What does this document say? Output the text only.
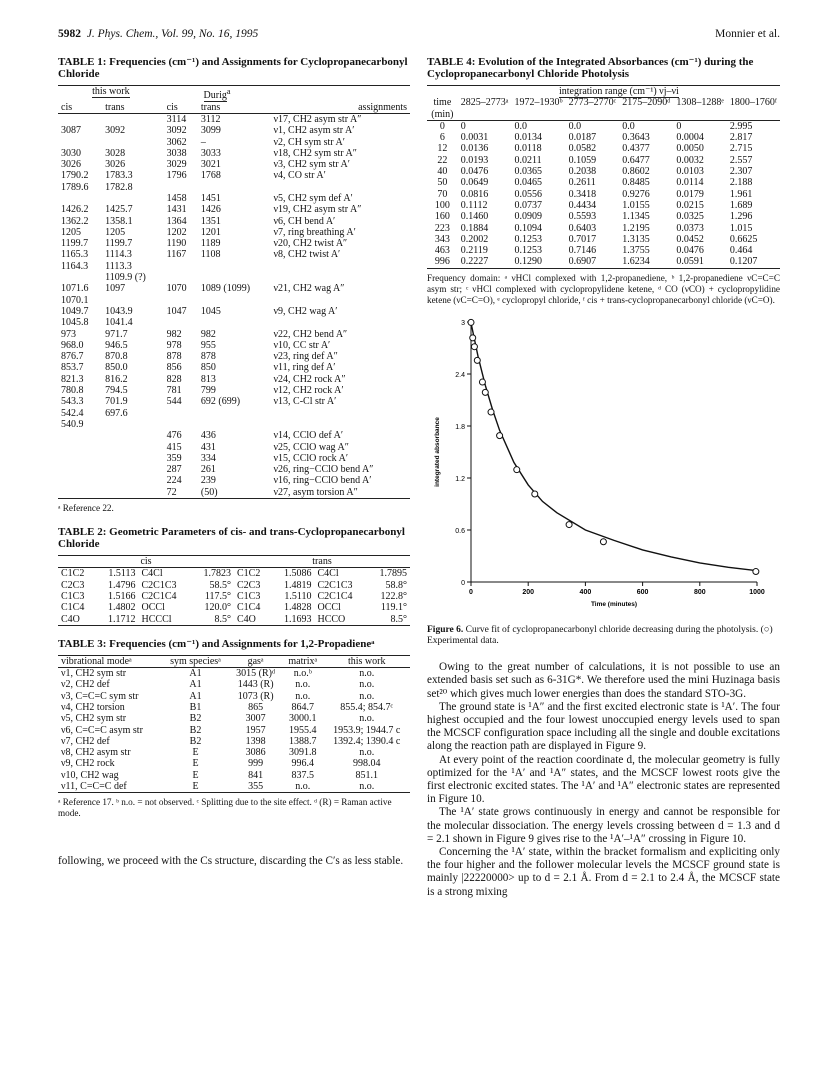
5982 J. Phys. Chem., Vol. 99, No. 16, 1995	Monnier et al.
TABLE 1: Frequencies (cm⁻¹) and Assignments for Cyclopropanecarbonyl Chloride
this work		Durig$^a$	
cis	trans	cis	trans	assignments
		3114	3112	ν17, CH2 asym str A″
3087	3092	3092	3099	ν1, CH2 asym str A′
		3062	–	ν2, CH sym str A′
3030	3028	3038	3033	ν18, CH2 sym str A″
3026	3026	3029	3021	ν3, CH2 sym str A′
1790.2	1783.3	1796	1768	ν4, CO str A′
1789.6	1782.8			
		1458	1451	ν5, CH2 sym def A′
1426.2	1425.7	1431	1426	ν19, CH2 asym str A″
1362.2	1358.1	1364	1351	ν6, CH bend A′
1205	1205	1202	1201	ν7, ring breathing A′
1199.7	1199.7	1190	1189	ν20, CH2 twist A″
1165.3	1114.3	1167	1108	ν8, CH2 twist A′
1164.3	1113.3			
	1109.9 (?)			
1071.6	1097	1070	1089 (1099)	ν21, CH2 wag A″
1070.1				
1049.7	1043.9	1047	1045	ν9, CH2 wag A′
1045.8	1041.4			
973	971.7	982	982	ν22, CH2 bend A″
968.0	946.5	978	955	ν10, CC str A′
876.7	870.8	878	878	ν23, ring def A″
853.7	850.0	856	850	ν11, ring def A′
821.3	816.2	828	813	ν24, CH2 rock A″
780.8	794.5	781	799	ν12, CH2 rock A′
543.3	701.9	544	692 (699)	ν13, C-Cl str A′
542.4	697.6			
540.9				
		476	436	ν14, CClO def A′
		415	431	ν25, CClO wag A″
		359	334	ν15, CClO rock A′
		287	261	ν26, ring−CClO bend A″
		224	239	ν16, ring−CClO bend A′
		72	(50)	ν27, asym torsion A″
ᵃ Reference 22.
TABLE 2: Geometric Parameters of cis- and trans-Cyclopropanecarbonyl Chloride
cis				trans			
C1C2	1.5113	C4Cl	1.7823	C1C2	1.5086	C4Cl	1.7895
C2C3	1.4796	C2C1C3	58.5°	C2C3	1.4819	C2C1C3	58.8°
C1C3	1.5166	C2C1C4	117.5°	C1C3	1.5110	C2C1C4	122.8°
C1C4	1.4802	OCCl	120.0°	C1C4	1.4828	OCCl	119.1°
C4O	1.1712	HCCCl	8.5°	C4O	1.1693	HCCO	8.5°
TABLE 3: Frequencies (cm⁻¹) and Assignments for 1,2-Propadieneᵃ
vibrational modeᵃ	sym speciesᵃ	gasᵃ	matrixᵃ	this work
ν1, CH2 sym str	A1	3015 (R)ᵈ	n.o.ᵇ	n.o.
ν2, CH2 def	A1	1443 (R)	n.o.	n.o.
ν3, C=C=C sym str	A1	1073 (R)	n.o.	n.o.
ν4, CH2 torsion	B1	865	864.7	855.4; 854.7ᶜ
ν5, CH2 sym str	B2	3007	3000.1	n.o.
ν6, C=C=C asym str	B2	1957	1955.4	1953.9; 1944.7 c
ν7, CH2 def	B2	1398	1388.7	1392.4; 1390.4 c
ν8, CH2 asym str	E	3086	3091.8	n.o.
ν9, CH2 rock	E	999	996.4	998.04
ν10, CH2 wag	E	841	837.5	851.1
ν11, C=C=C def	E	355	n.o.	n.o.
ᵃ Reference 17. ᵇ n.o. = not observed. ᶜ Splitting due to the site effect. ᵈ (R) = Raman active mode.
following, we proceed with the Cs structure, discarding the C′s as less stable.
TABLE 4: Evolution of the Integrated Absorbances (cm⁻¹) during the Cyclopropanecarbonyl Chloride Photolysis
	integration range (cm⁻¹) νj–νi					
time (min)	2825–2773ᵃ	1972–1930ᵇ	2773–2770ᶜ	2175–2090ᵈ	1308–1288ᵉ	1800–1760ᶠ
0	0	0.0	0.0	0.0	0	2.995
6	0.0031	0.0134	0.0187	0.3643	0.0004	2.817
12	0.0136	0.0118	0.0582	0.4377	0.0050	2.715
22	0.0193	0.0211	0.1059	0.6477	0.0032	2.557
40	0.0476	0.0365	0.2038	0.8602	0.0103	2.307
50	0.0649	0.0465	0.2611	0.8485	0.0114	2.188
70	0.0816	0.0556	0.3418	0.9276	0.0179	1.961
100	0.1112	0.0737	0.4434	1.0155	0.0215	1.689
160	0.1460	0.0909	0.5593	1.1345	0.0325	1.296
223	0.1884	0.1094	0.6403	1.2195	0.0373	1.015
343	0.2002	0.1253	0.7017	1.3135	0.0452	0.6625
463	0.2119	0.1253	0.7146	1.3755	0.0476	0.464
996	0.2227	0.1290	0.6907	1.6234	0.0591	0.1207
Frequency domain: ᵃ νHCl complexed with 1,2-propanediene, ᵇ 1,2-propanediene νC=C=C asym str; ᶜ νHCl complexed with cyclopropylidene ketene, ᵈ CO (νCO) + cyclopropylidine ketene (νC=C=O), ᵉ cyclopropyl chloride, ᶠ cis + trans-cyclopropanecarbonyl chloride (νC=O).
0
0.6
1.2
1.8
2.4
3
0	200	400	600	800	1000
Time (minutes)
integrated absorbance
Figure 6. Curve fit of cyclopropanecarbonyl chloride decreasing during the photolysis. (○) Experimental data.

Owing to the great number of calculations, it is not possible to use an extended basis set such as 6-31G*. We therefore used the mini Huzinaga basis set²⁰ which gives much lower energies than does the standard STO-3G.

The ground state is ¹A″ and the first excited electronic state is ¹A′. The four highest occupied and the four lowest unoccupied energy levels used to span the MCSCF configuration space including all the single and double excitations along the reaction path are displayed in Figure 9.

At every point of the reaction coordinate d, the molecular geometry is fully optimized for the ¹A′ and ¹A″ states, and the MCSCF lowest roots give the first electronic excited states. The ¹A′ and ¹A″ electronic states are represented in Figure 10.

The ¹A′ state grows continuously in energy and cannot be responsible for the molecular dissociation. The energy levels crossing between d = 1.3 and d = 2.1 shown in Figure 9 gives rise to the ¹A′–¹A″ crossing in Figure 10.

Concerning the ¹A′ state, within the bracket formalism and expliciting only the four higher and the follower molecular levels the MCSCF ground state is mainly |22220000> up to d = 2.1 Å. From d = 2.1 to 2.4 Å, the MCSCF state is a strong mixing
